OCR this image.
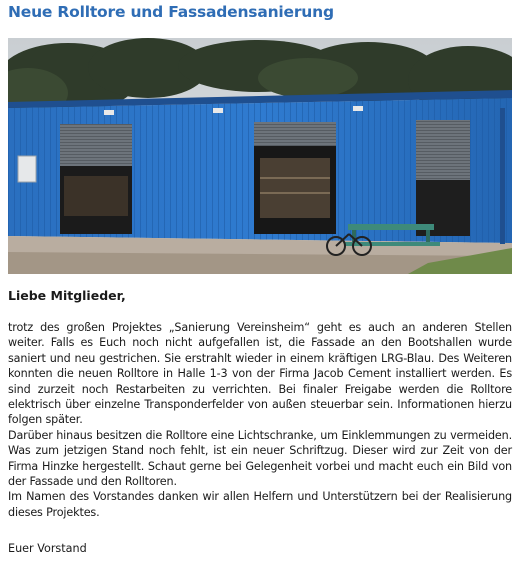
Neue Rolltore und Fassadensanierung
Liebe Mitglieder,

trotz des großen Projektes „Sanierung Vereinsheim“ geht es auch an anderen Stellen weiter. Falls es Euch noch nicht aufgefallen ist, die Fassade an den Bootshallen wurde saniert und neu gestrichen. Sie erstrahlt wieder in einem kräftigen LRG-Blau. Des Weiteren konnten die neuen Rolltore in Halle 1-3 von der Firma Jacob Cement installiert werden. Es sind zurzeit noch Restarbeiten zu verrichten. Bei finaler Freigabe werden die Rolltore elektrisch über einzelne Transponderfelder von außen steuerbar sein. Informationen hierzu folgen später.

Darüber hinaus besitzen die Rolltore eine Lichtschranke, um Einklemmungen zu vermeiden. Was zum jetzigen Stand noch fehlt, ist ein neuer Schriftzug. Dieser wird zur Zeit von der Firma Hinzke hergestellt. Schaut gerne bei Gelegenheit vorbei und macht euch ein Bild von der Fassade und den Rolltoren.

Im Namen des Vorstandes danken wir allen Helfern und Unterstützern bei der Realisierung dieses Projektes.

Euer Vorstand
